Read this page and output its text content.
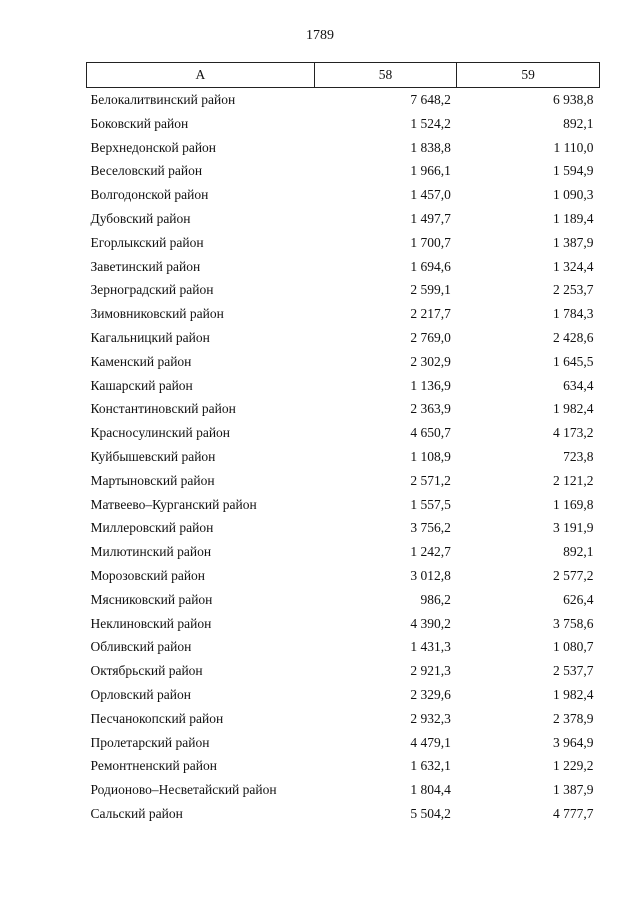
1789
А	58	59
Белокалитвинский район	7 648,2	6 938,8
Боковский район	1 524,2	892,1
Верхнедонской район	1 838,8	1 110,0
Веселовский район	1 966,1	1 594,9
Волгодонской район	1 457,0	1 090,3
Дубовский район	1 497,7	1 189,4
Егорлыкский район	1 700,7	1 387,9
Заветинский район	1 694,6	1 324,4
Зерноградский район	2 599,1	2 253,7
Зимовниковский район	2 217,7	1 784,3
Кагальницкий район	2 769,0	2 428,6
Каменский район	2 302,9	1 645,5
Кашарский район	1 136,9	634,4
Константиновский район	2 363,9	1 982,4
Красносулинский район	4 650,7	4 173,2
Куйбышевский район	1 108,9	723,8
Мартыновский район	2 571,2	2 121,2
Матвеево–Курганский район	1 557,5	1 169,8
Миллеровский район	3 756,2	3 191,9
Милютинский район	1 242,7	892,1
Морозовский район	3 012,8	2 577,2
Мясниковский район	986,2	626,4
Неклиновский район	4 390,2	3 758,6
Обливский район	1 431,3	1 080,7
Октябрьский район	2 921,3	2 537,7
Орловский район	2 329,6	1 982,4
Песчанокопский район	2 932,3	2 378,9
Пролетарский район	4 479,1	3 964,9
Ремонтненский район	1 632,1	1 229,2
Родионово–Несветайский район	1 804,4	1 387,9
Сальский район	5 504,2	4 777,7
